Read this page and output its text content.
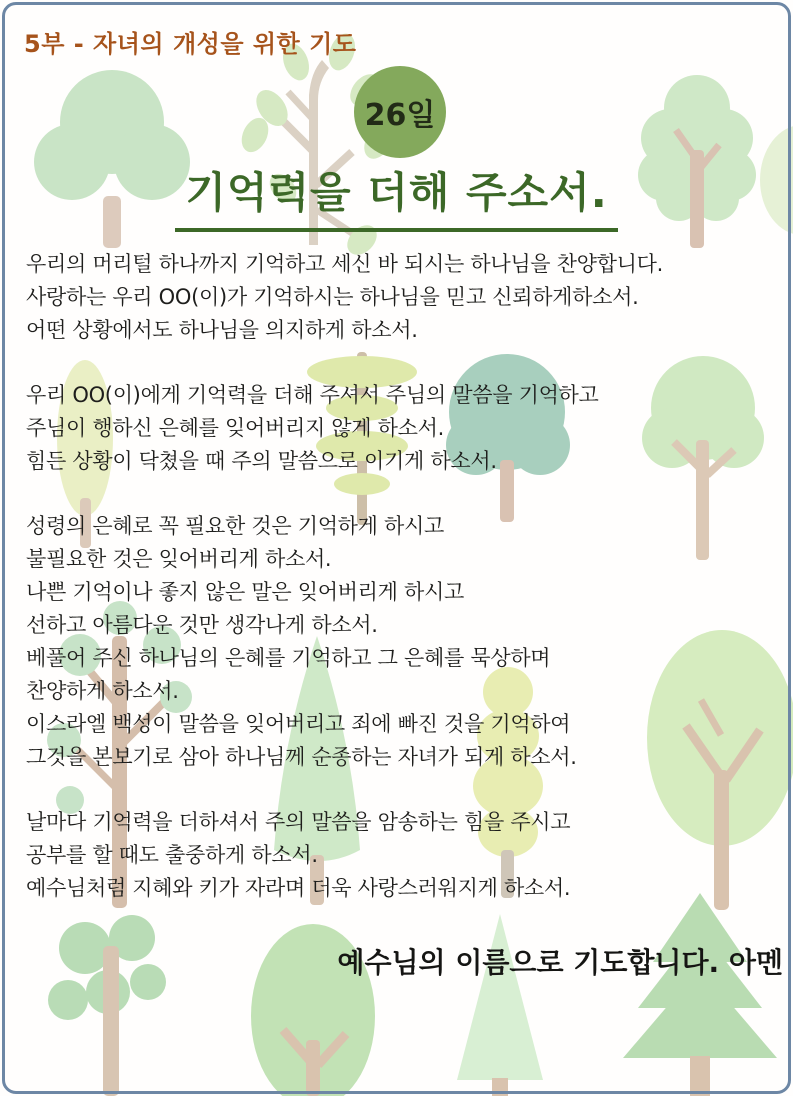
5부 - 자녀의 개성을 위한 기도
26일
기억력을 더해 주소서.
우리의 머리털 하나까지 기억하고 세신 바 되시는 하나님을 찬양합니다.
사랑하는 우리 OO(이)가 기억하시는 하나님을 믿고 신뢰하게하소서.
어떤 상황에서도 하나님을 의지하게 하소서.
우리 OO(이)에게 기억력을 더해 주셔서 주님의 말씀을 기억하고
주님이 행하신 은혜를 잊어버리지 않게 하소서.
힘든 상황이 닥쳤을 때 주의 말씀으로 이기게 하소서.
성령의 은혜로 꼭 필요한 것은 기억하게 하시고
불필요한 것은 잊어버리게 하소서.
나쁜 기억이나 좋지 않은 말은 잊어버리게 하시고
선하고 아름다운 것만 생각나게 하소서.
베풀어 주신 하나님의 은혜를 기억하고 그 은혜를 묵상하며
찬양하게 하소서.
이스라엘 백성이 말씀을 잊어버리고 죄에 빠진 것을 기억하여
그것을 본보기로 삼아 하나님께 순종하는 자녀가 되게 하소서.
날마다 기억력을 더하셔서 주의 말씀을 암송하는 힘을 주시고
공부를 할 때도 출중하게 하소서.
예수님처럼 지혜와 키가 자라며 더욱 사랑스러워지게 하소서.
예수님의 이름으로 기도합니다. 아멘
